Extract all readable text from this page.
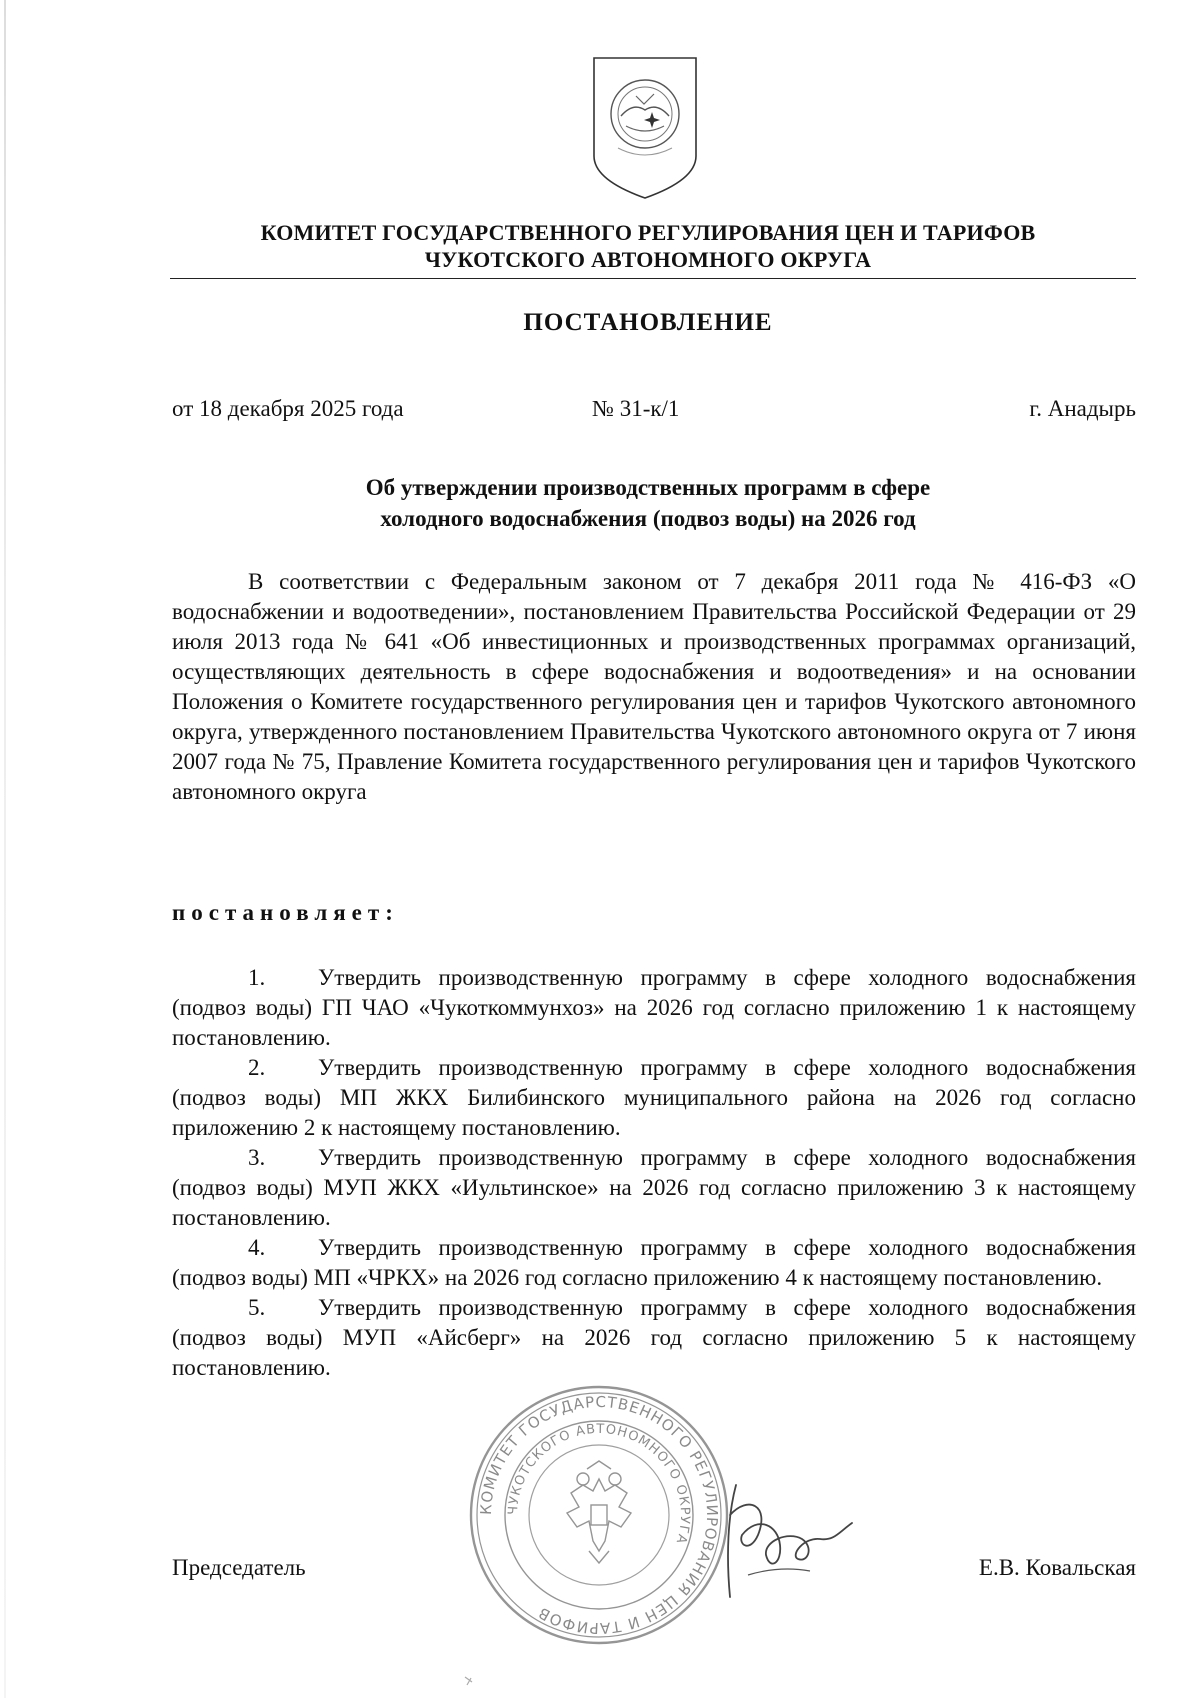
КОМИТЕТ ГОСУДАРСТВЕННОГО РЕГУЛИРОВАНИЯ ЦЕН И ТАРИФОВ
ЧУКОТСКОГО АВТОНОМНОГО ОКРУГА
ПОСТАНОВЛЕНИЕ
от 18 декабря 2025 года	№ 31-к/1	г. Анадырь
Об утверждении производственных программ в сфере
холодного водоснабжения (подвоз воды) на 2026 год
В соответствии с Федеральным законом от 7 декабря 2011 года № 416-ФЗ «О водоснабжении и водоотведении», постановлением Правительства Российской Федерации от 29 июля 2013 года № 641 «Об инвестиционных и производственных программах организаций, осуществляющих деятельность в сфере водоснабжения и водоотведения» и на основании Положения о Комитете государственного регулирования цен и тарифов Чукотского автономного округа, утвержденного постановлением Правительства Чукотского автономного округа от 7 июня 2007 года № 75, Правление Комитета государственного регулирования цен и тарифов Чукотского автономного округа
постановляет:
1. Утвердить производственную программу в сфере холодного водоснабжения (подвоз воды) ГП ЧАО «Чукоткоммунхоз» на 2026 год согласно приложению 1 к настоящему постановлению.
2. Утвердить производственную программу в сфере холодного водоснабжения (подвоз воды) МП ЖКХ Билибинского муниципального района на 2026 год согласно приложению 2 к настоящему постановлению.
3. Утвердить производственную программу в сфере холодного водоснабжения (подвоз воды) МУП ЖКХ «Иультинское» на 2026 год согласно приложению 3 к настоящему постановлению.
4. Утвердить производственную программу в сфере холодного водоснабжения (подвоз воды) МП «ЧРКХ» на 2026 год согласно приложению 4 к настоящему постановлению.
5. Утвердить производственную программу в сфере холодного водоснабжения (подвоз воды) МУП «Айсберг» на 2026 год согласно приложению 5 к настоящему постановлению.
КОМИТЕТ ГОСУДАРСТВЕННОГО РЕГУЛИРОВАНИЯ ЦЕН И ТАРИФОВ
ЧУКОТСКОГО АВТОНОМНОГО ОКРУГА
Председатель	Е.В. Ковальская
